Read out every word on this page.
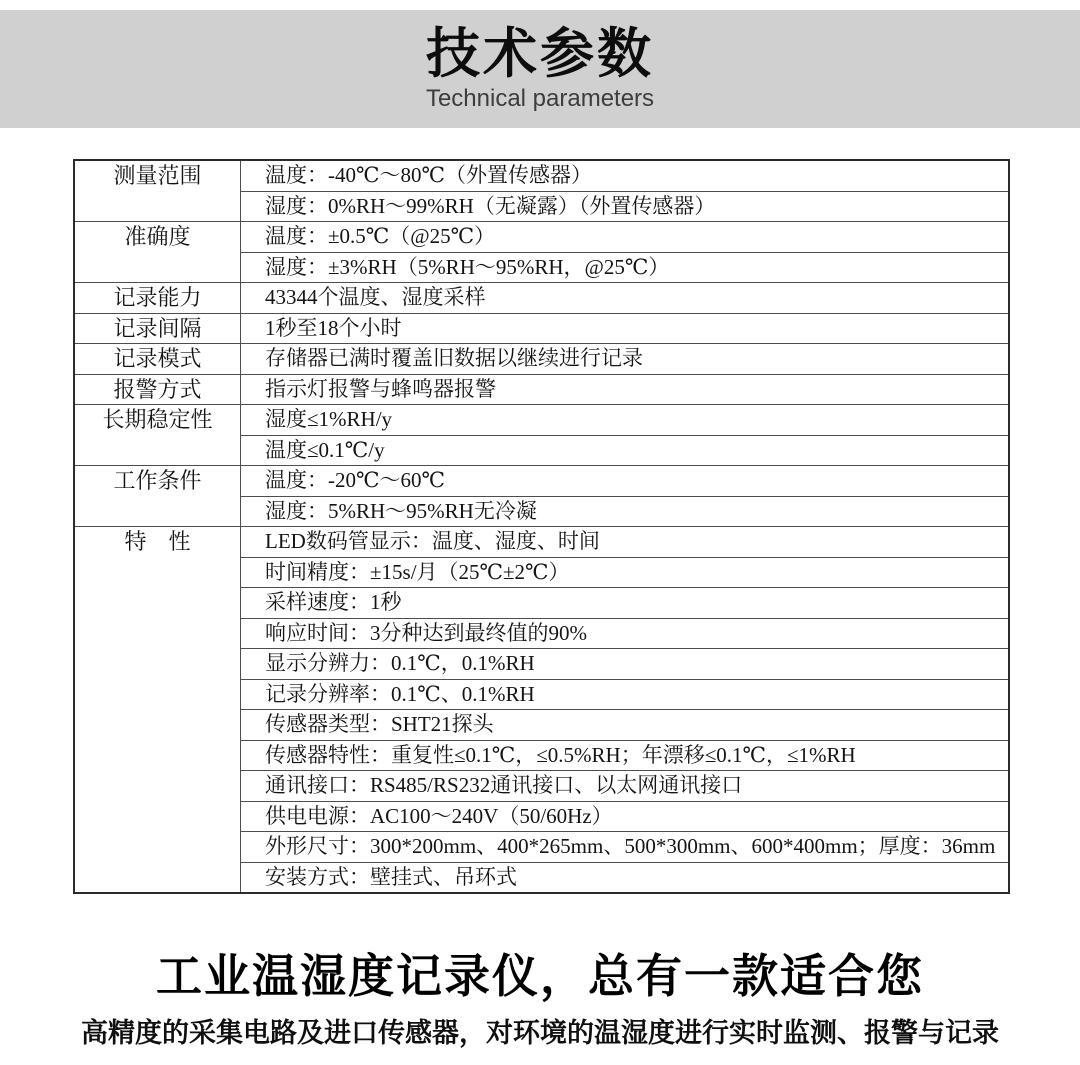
技术参数

Technical parameters

测量范围	温度：-40℃～80℃（外置传感器）
	湿度：0%RH～99%RH（无凝露）（外置传感器）
准确度	温度：±0.5℃（@25℃）
	湿度：±3%RH（5%RH～95%RH，@25℃）
记录能力	43344个温度、湿度采样
记录间隔	1秒至18个小时
记录模式	存储器已满时覆盖旧数据以继续进行记录
报警方式	指示灯报警与蜂鸣器报警
长期稳定性	湿度≤1%RH/y
	温度≤0.1℃/y
工作条件	温度：-20℃～60℃
	湿度：5%RH～95%RH无冷凝
特　性	LED数码管显示：温度、湿度、时间
	时间精度：±15s/月（25℃±2℃）
	采样速度：1秒
	响应时间：3分种达到最终值的90%
	显示分辨力：0.1℃，0.1%RH
	记录分辨率：0.1℃、0.1%RH
	传感器类型：SHT21探头
	传感器特性：重复性≤0.1℃，≤0.5%RH；年漂移≤0.1℃，≤1%RH
	通讯接口：RS485/RS232通讯接口、以太网通讯接口
	供电电源：AC100～240V（50/60Hz）
	外形尺寸：300*200mm、400*265mm、500*300mm、600*400mm；厚度：36mm
	安装方式：壁挂式、吊环式
工业温湿度记录仪，总有一款适合您

高精度的采集电路及进口传感器，对环境的温湿度进行实时监测、报警与记录
